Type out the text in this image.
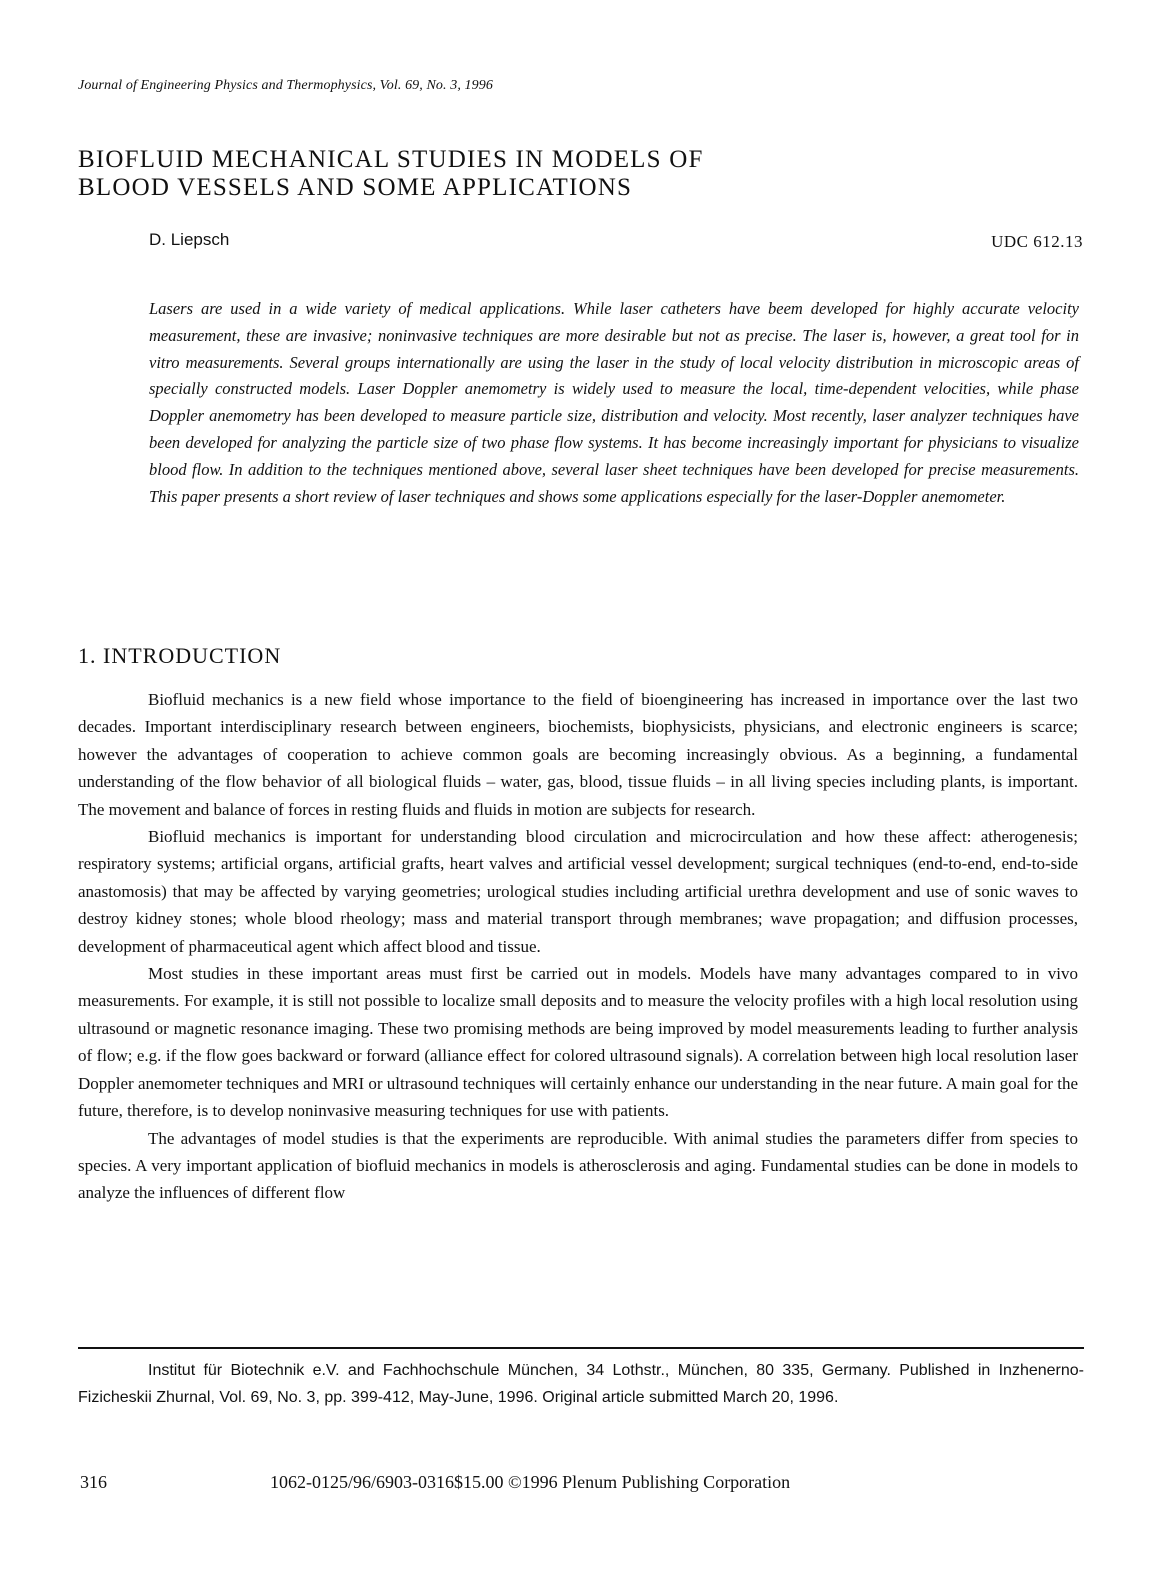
Journal of Engineering Physics and Thermophysics, Vol. 69, No. 3, 1996
BIOFLUID MECHANICAL STUDIES IN MODELS OF BLOOD VESSELS AND SOME APPLICATIONS
D. Liepsch	UDC 612.13

Lasers are used in a wide variety of medical applications. While laser catheters have beem developed for highly accurate velocity measurement, these are invasive; noninvasive techniques are more desirable but not as precise. The laser is, however, a great tool for in vitro measurements. Several groups internationally are using the laser in the study of local velocity distribution in microscopic areas of specially constructed models. Laser Doppler anemometry is widely used to measure the local, time-dependent velocities, while phase Doppler anemometry has been developed to measure particle size, distribution and velocity. Most recently, laser analyzer techniques have been developed for analyzing the particle size of two phase flow systems. It has become increasingly important for physicians to visualize blood flow. In addition to the techniques mentioned above, several laser sheet techniques have been developed for precise measurements. This paper presents a short review of laser techniques and shows some applications especially for the laser-Doppler anemometer.

1. INTRODUCTION

Biofluid mechanics is a new field whose importance to the field of bioengineering has increased in importance over the last two decades. Important interdisciplinary research between engineers, biochemists, biophysicists, physicians, and electronic engineers is scarce; however the advantages of cooperation to achieve common goals are becoming increasingly obvious. As a beginning, a fundamental understanding of the flow behavior of all biological fluids – water, gas, blood, tissue fluids – in all living species including plants, is important. The movement and balance of forces in resting fluids and fluids in motion are subjects for research.

Biofluid mechanics is important for understanding blood circulation and microcirculation and how these affect: atherogenesis; respiratory systems; artificial organs, artificial grafts, heart valves and artificial vessel development; surgical techniques (end-to-end, end-to-side anastomosis) that may be affected by varying geometries; urological studies including artificial urethra development and use of sonic waves to destroy kidney stones; whole blood rheology; mass and material transport through membranes; wave propagation; and diffusion processes, development of pharmaceutical agent which affect blood and tissue.

Most studies in these important areas must first be carried out in models. Models have many advantages compared to in vivo measurements. For example, it is still not possible to localize small deposits and to measure the velocity profiles with a high local resolution using ultrasound or magnetic resonance imaging. These two promising methods are being improved by model measurements leading to further analysis of flow; e.g. if the flow goes backward or forward (alliance effect for colored ultrasound signals). A correlation between high local resolution laser Doppler anemometer techniques and MRI or ultrasound techniques will certainly enhance our understanding in the near future. A main goal for the future, therefore, is to develop noninvasive measuring techniques for use with patients.

The advantages of model studies is that the experiments are reproducible. With animal studies the parameters differ from species to species. A very important application of biofluid mechanics in models is atherosclerosis and aging. Fundamental studies can be done in models to analyze the influences of different flow

Institut für Biotechnik e.V. and Fachhochschule München, 34 Lothstr., München, 80 335, Germany. Published in Inzhenerno-Fizicheskii Zhurnal, Vol. 69, No. 3, pp. 399-412, May-June, 1996. Original article submitted March 20, 1996.

316	1062-0125/96/6903-0316$15.00 ©1996 Plenum Publishing Corporation
